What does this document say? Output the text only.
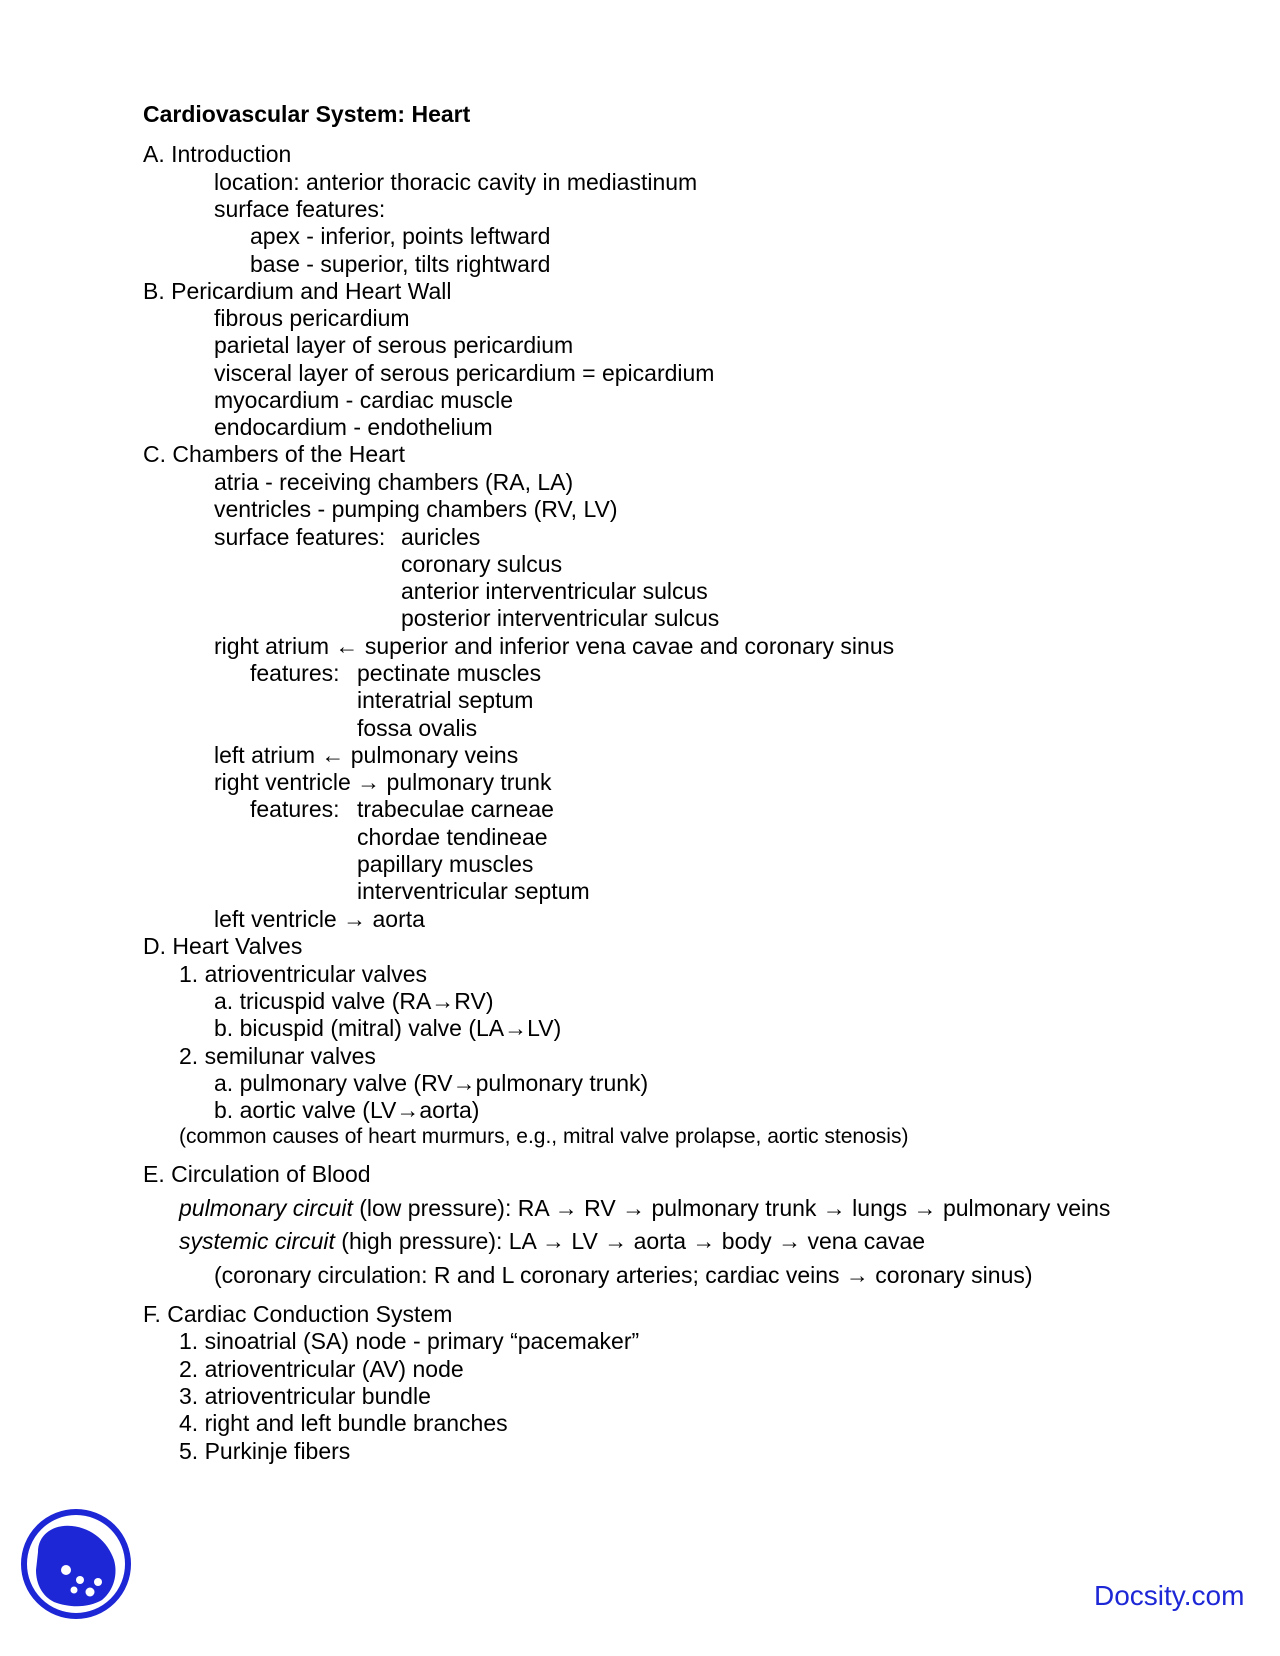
Cardiovascular System: Heart
A. Introduction
location: anterior thoracic cavity in mediastinum
surface features:
apex - inferior, points leftward
base - superior, tilts rightward
B. Pericardium and Heart Wall
fibrous pericardium
parietal layer of serous pericardium
visceral layer of serous pericardium = epicardium
myocardium - cardiac muscle
endocardium - endothelium
C. Chambers of the Heart
atria - receiving chambers (RA, LA)
ventricles - pumping chambers (RV, LV)
surface features: auricles
coronary sulcus
anterior interventricular sulcus
posterior interventricular sulcus
right atrium ← superior and inferior vena cavae and coronary sinus
features: pectinate muscles
interatrial septum
fossa ovalis
left atrium ← pulmonary veins
right ventricle → pulmonary trunk
features: trabeculae carneae
chordae tendineae
papillary muscles
interventricular septum
left ventricle → aorta
D. Heart Valves
1. atrioventricular valves
a. tricuspid valve (RA→RV)
b. bicuspid (mitral) valve (LA→LV)
2. semilunar valves
a. pulmonary valve (RV→pulmonary trunk)
b. aortic valve (LV→aorta)
(common causes of heart murmurs, e.g., mitral valve prolapse, aortic stenosis)
E. Circulation of Blood
pulmonary circuit (low pressure): RA → RV → pulmonary trunk → lungs → pulmonary veins
systemic circuit (high pressure): LA → LV → aorta → body → vena cavae
(coronary circulation: R and L coronary arteries; cardiac veins → coronary sinus)
F. Cardiac Conduction System
1. sinoatrial (SA) node - primary “pacemaker”
2. atrioventricular (AV) node
3. atrioventricular bundle
4. right and left bundle branches
5. Purkinje fibers
Docsity.com
